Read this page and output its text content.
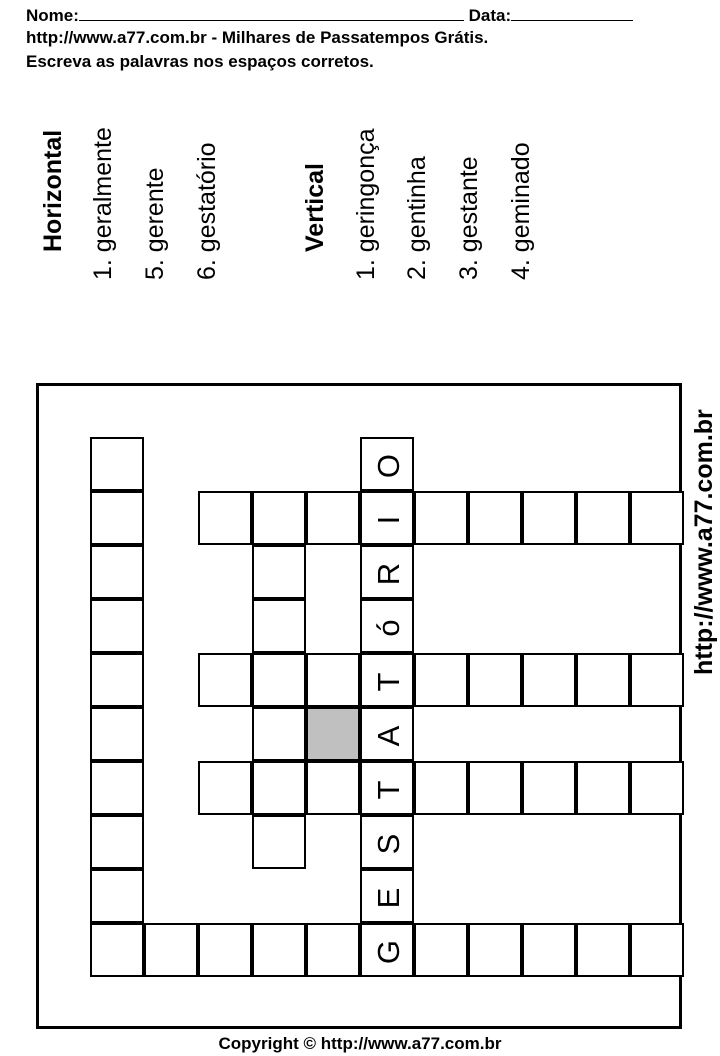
Nome:	Data:
http://www.a77.com.br - Milhares de Passatempos Grátis.
Escreva as palavras nos espaços corretos.
Horizontal 1. geralmente 5. gerente 6. gestatório	Vertical 1. geringonça 2. gentinha 3. gestante 4. geminado
G
I
T
T
O
R
ó
A
S
E
http://www.a77.com.br
Copyright © http://www.a77.com.br
